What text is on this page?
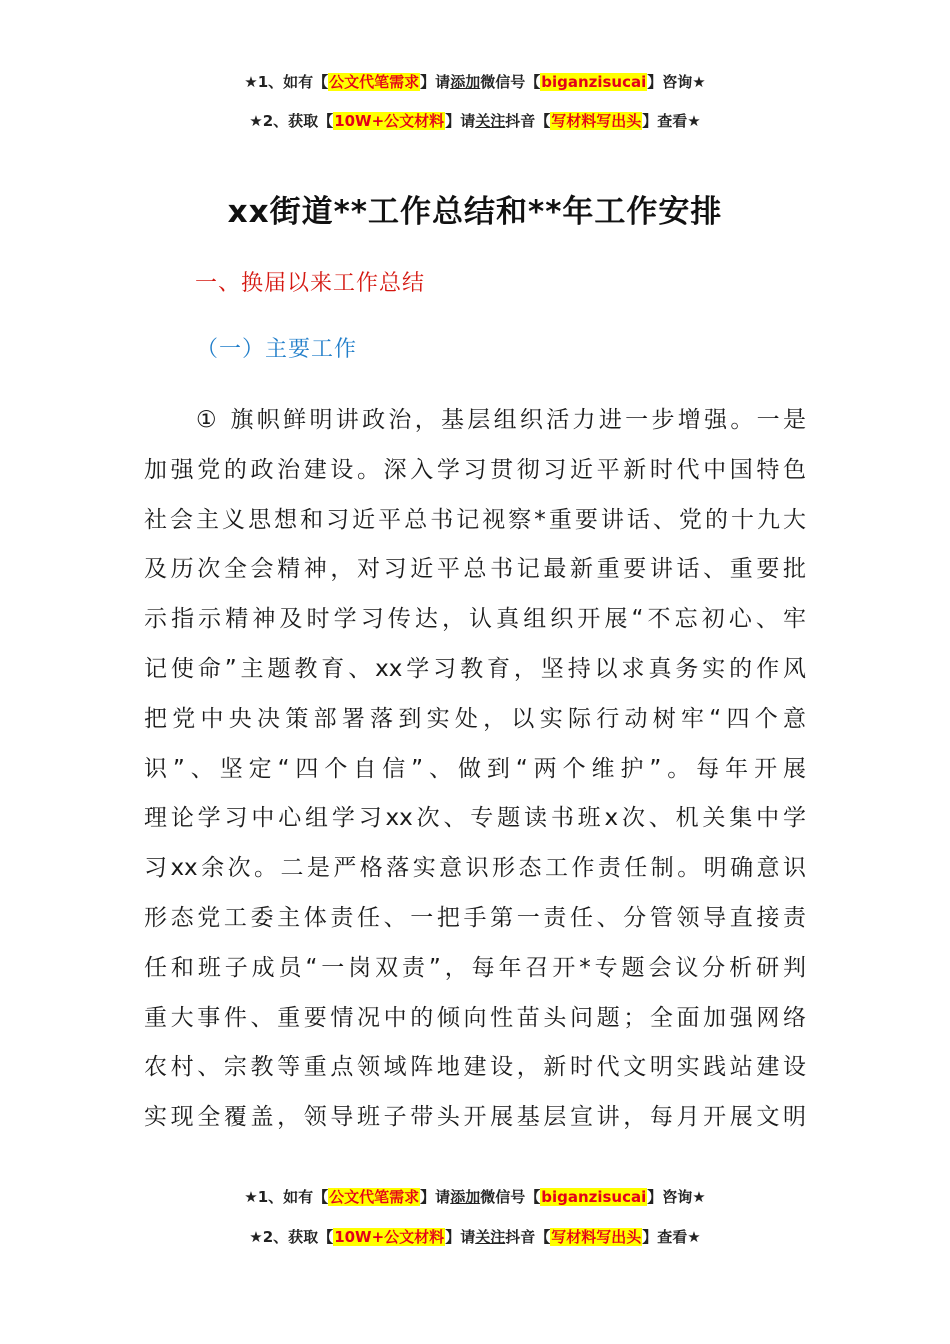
★1、如有【公文代笔需求】请添加微信号【biganzisucai】咨询★
★2、获取【10W+公文材料】请关注抖音【写材料写出头】查看★
xx街道**工作总结和**年工作安排
一、换届以来工作总结
（一）主要工作
① 旗帜鲜明讲政治，基层组织活力进一步增强。一是
加强党的政治建设。深入学习贯彻习近平新时代中国特色
社会主义思想和习近平总书记视察*重要讲话、党的十九大
及历次全会精神，对习近平总书记最新重要讲话、重要批
示指示精神及时学习传达，认真组织开展“不忘初心、牢
记使命”主题教育、xx学习教育，坚持以求真务实的作风
把党中央决策部署落到实处，以实际行动树牢“四个意
识”、坚定“四个自信”、做到“两个维护”。每年开展
理论学习中心组学习xx次、专题读书班x次、机关集中学
习xx余次。二是严格落实意识形态工作责任制。明确意识
形态党工委主体责任、一把手第一责任、分管领导直接责
任和班子成员“一岗双责”，每年召开*专题会议分析研判
重大事件、重要情况中的倾向性苗头问题；全面加强网络
农村、宗教等重点领域阵地建设，新时代文明实践站建设
实现全覆盖，领导班子带头开展基层宣讲，每月开展文明
★1、如有【公文代笔需求】请添加微信号【biganzisucai】咨询★
★2、获取【10W+公文材料】请关注抖音【写材料写出头】查看★
